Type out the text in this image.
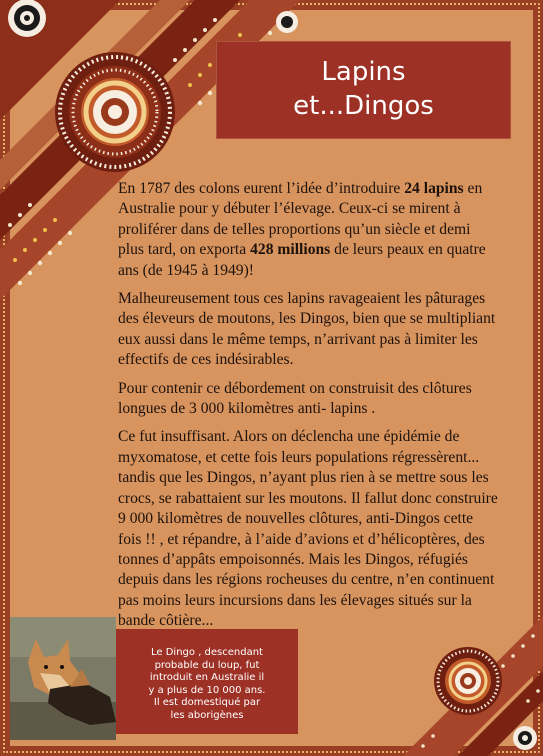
Lapins
et...Dingos

En 1787 des colons eurent l’idée d’introduire 24 lapins en Australie pour y débuter l’élevage. Ceux-ci se mirent à proliférer dans de telles proportions qu’un siècle et demi plus tard, on exporta 428 millions de leurs peaux en quatre ans (de 1945 à 1949)!

Malheureusement tous ces lapins ravageaient les pâturages des éleveurs de moutons, les Dingos, bien que se multipliant eux aussi dans le même temps, n’arrivant pas à limiter les effectifs de ces indésirables.

Pour contenir ce débordement on construisit des clôtures longues de 3 000 kilomètres anti- lapins .

Ce fut insuffisant. Alors on déclencha une épidémie de myxomatose, et cette fois leurs populations régressèrent... tandis que les Dingos, n’ayant plus rien à se mettre sous les crocs, se rabattaient sur les moutons. Il fallut donc construire 9 000 kilomètres de nouvelles clôtures, anti-Dingos cette fois !! , et répandre, à l’aide d’avions et d’hélicoptères, des tonnes d’appâts empoisonnés. Mais les Dingos, réfugiés depuis dans les régions rocheuses du centre, n’en continuent pas moins leurs incursions dans les élevages situés sur la bande côtière...

Le Dingo , descendant
probable du loup, fut
introduit en Australie il
y a plus de 10 000 ans.
Il est domestiqué par
les aborigènes
